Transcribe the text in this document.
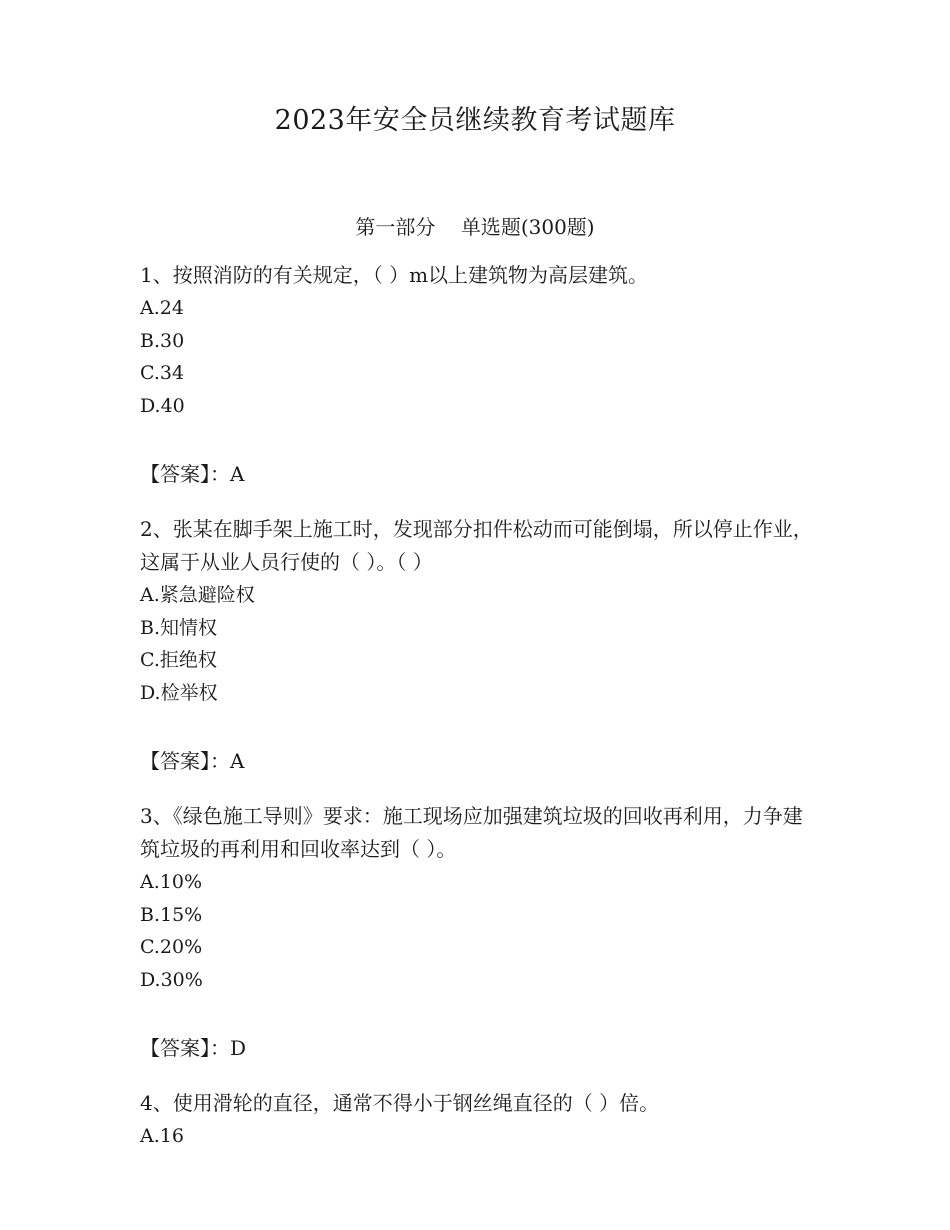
2023年安全员继续教育考试题库
第一部分    单选题(300题)

1、按照消防的有关规定，（ ）m以上建筑物为高层建筑。

A.24

B.30

C.34

D.40

【答案】：A

2、张某在脚手架上施工时，发现部分扣件松动而可能倒塌，所以停止作业，这属于从业人员行使的（ ）。（ ）

A.紧急避险权

B.知情权

C.拒绝权

D.检举权

【答案】：A

3、《绿色施工导则》要求：施工现场应加强建筑垃圾的回收再利用，力争建筑垃圾的再利用和回收率达到（ ）。

A.10%

B.15%

C.20%

D.30%

【答案】：D

4、使用滑轮的直径，通常不得小于钢丝绳直径的（ ）倍。

A.16
